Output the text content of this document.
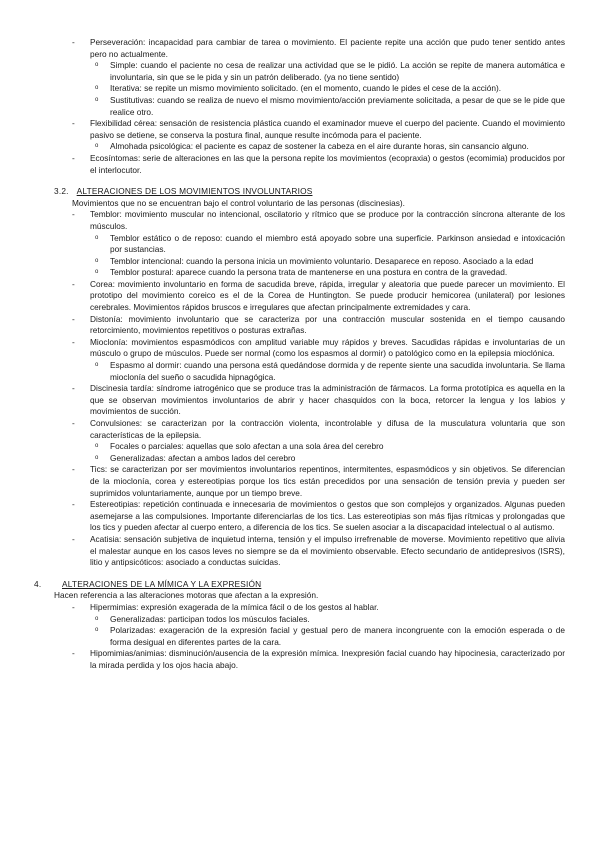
- Perseveración: incapacidad para cambiar de tarea o movimiento. El paciente repite una acción que pudo tener sentido antes pero no actualmente.
o Simple: cuando el paciente no cesa de realizar una actividad que se le pidió. La acción se repite de manera automática e involuntaria, sin que se le pida y sin un patrón deliberado. (ya no tiene sentido)
o Iterativa: se repite un mismo movimiento solicitado. (en el momento, cuando le pides el cese de la acción).
o Sustitutivas: cuando se realiza de nuevo el mismo movimiento/acción previamente solicitada, a pesar de que se le pide que realice otro.
- Flexibilidad cérea: sensación de resistencia plástica cuando el examinador mueve el cuerpo del paciente. Cuando el movimiento pasivo se detiene, se conserva la postura final, aunque resulte incómoda para el paciente.
o Almohada psicológica: el paciente es capaz de sostener la cabeza en el aire durante horas, sin cansancio alguno.
- Ecosíntomas: serie de alteraciones en las que la persona repite los movimientos (ecopraxia) o gestos (ecomimia) producidos por el interlocutor.
3.2. ALTERACIONES DE LOS MOVIMIENTOS INVOLUNTARIOS
Movimientos que no se encuentran bajo el control voluntario de las personas (discinesias).
- Temblor: movimiento muscular no intencional, oscilatorio y rítmico que se produce por la contracción síncrona alterante de los músculos.
o Temblor estático o de reposo: cuando el miembro está apoyado sobre una superficie. Parkinson ansiedad e intoxicación por sustancias.
o Temblor intencional: cuando la persona inicia un movimiento voluntario. Desaparece en reposo. Asociado a la edad
o Temblor postural: aparece cuando la persona trata de mantenerse en una postura en contra de la gravedad.
- Corea: movimiento involuntario en forma de sacudida breve, rápida, irregular y aleatoria que puede parecer un movimiento. El prototipo del movimiento coreico es el de la Corea de Huntington. Se puede producir hemicorea (unilateral) por lesiones cerebrales. Movimientos rápidos bruscos e irregulares que afectan principalmente extremidades y cara.
- Distonía: movimiento involuntario que se caracteriza por una contracción muscular sostenida en el tiempo causando retorcimiento, movimientos repetitivos o posturas extrañas.
- Mioclonía: movimientos espasmódicos con amplitud variable muy rápidos y breves. Sacudidas rápidas e involuntarias de un músculo o grupo de músculos. Puede ser normal (como los espasmos al dormir) o patológico como en la epilepsia mioclónica.
o Espasmo al dormir: cuando una persona está quedándose dormida y de repente siente una sacudida involuntaria. Se llama mioclonía del sueño o sacudida hipnagógica.
- Discinesia tardía: síndrome iatrogénico que se produce tras la administración de fármacos. La forma prototípica es aquella en la que se observan movimientos involuntarios de abrir y hacer chasquidos con la boca, retorcer la lengua y los labios y movimientos de succión.
- Convulsiones: se caracterizan por la contracción violenta, incontrolable y difusa de la musculatura voluntaria que son características de la epilepsia.
o Focales o parciales: aquellas que solo afectan a una sola área del cerebro
o Generalizadas: afectan a ambos lados del cerebro
- Tics: se caracterizan por ser movimientos involuntarios repentinos, intermitentes, espasmódicos y sin objetivos. Se diferencian de la mioclonía, corea y estereotipias porque los tics están precedidos por una sensación de tensión previa y pueden ser suprimidos voluntariamente, aunque por un tiempo breve.
- Estereotipias: repetición continuada e innecesaria de movimientos o gestos que son complejos y organizados. Algunas pueden asemejarse a las compulsiones. Importante diferenciarlas de los tics. Las estereotipias son más fijas rítmicas y prolongadas que los tics y pueden afectar al cuerpo entero, a diferencia de los tics. Se suelen asociar a la discapacidad intelectual o al autismo.
- Acatisia: sensación subjetiva de inquietud interna, tensión y el impulso irrefrenable de moverse. Movimiento repetitivo que alivia el malestar aunque en los casos leves no siempre se da el movimiento observable. Efecto secundario de antidepresivos (ISRS), litio y antipsicóticos: asociado a conductas suicidas.
4. ALTERACIONES DE LA MÍMICA Y LA EXPRESIÓN
Hacen referencia a las alteraciones motoras que afectan a la expresión.
- Hipermimias: expresión exagerada de la mímica fácil o de los gestos al hablar.
o Generalizadas: participan todos los músculos faciales.
o Polarizadas: exageración de la expresión facial y gestual pero de manera incongruente con la emoción esperada o de forma desigual en diferentes partes de la cara.
- Hipomimias/animias: disminución/ausencia de la expresión mímica. Inexpresión facial cuando hay hipocinesia, caracterizado por la mirada perdida y los ojos hacia abajo.
